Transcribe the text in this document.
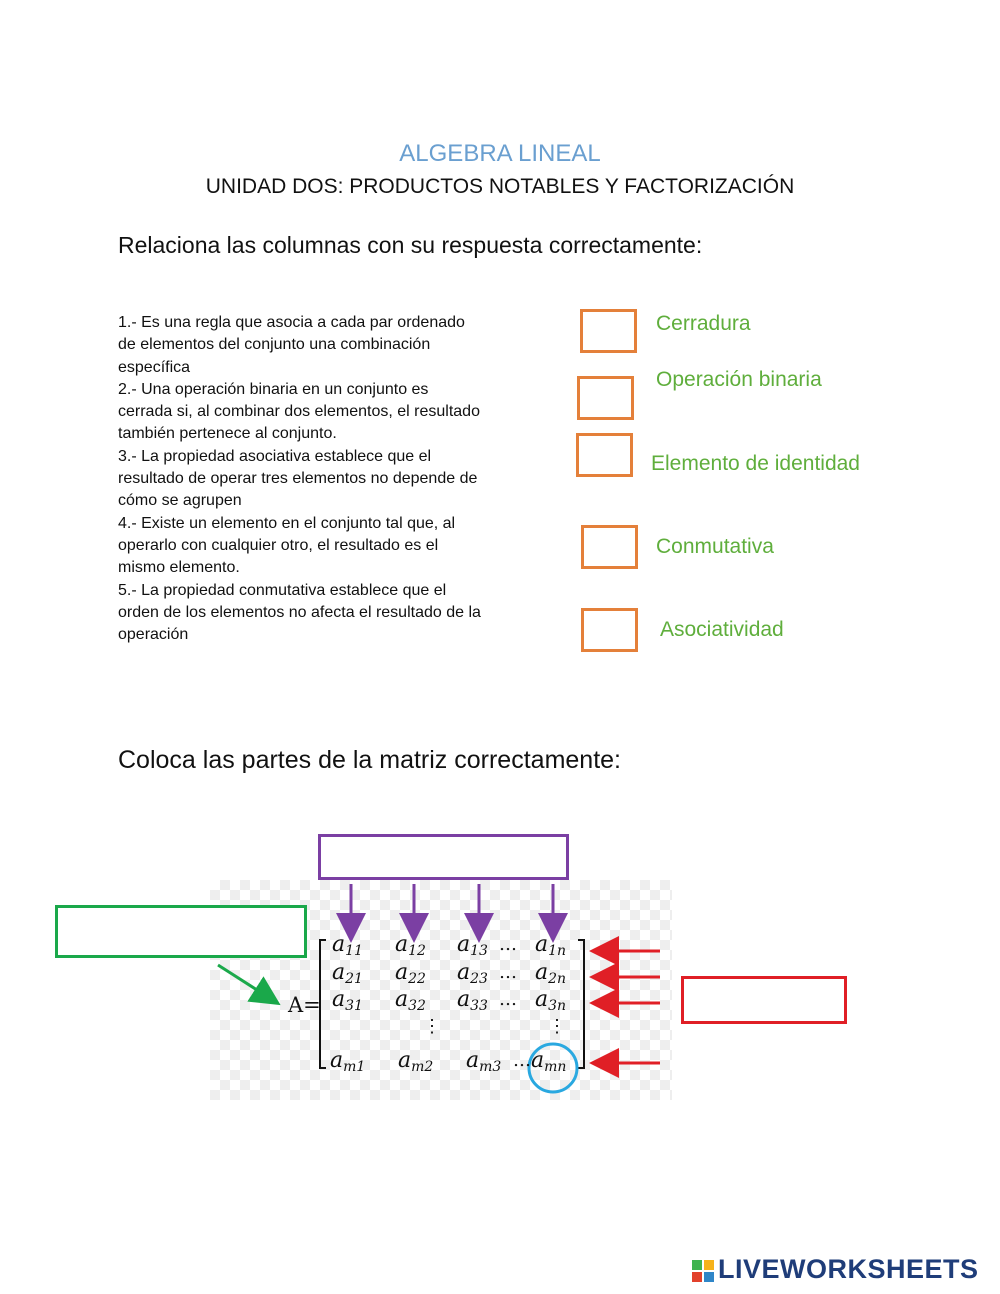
ALGEBRA LINEAL
UNIDAD DOS: PRODUCTOS NOTABLES Y FACTORIZACIÓN
Relaciona las columnas con su respuesta correctamente:
1.- Es una regla que asocia a cada par ordenado de elementos del conjunto una combinación específica
2.- Una operación binaria en un conjunto es cerrada si, al combinar dos elementos, el resultado también pertenece al conjunto.
3.- La propiedad asociativa establece que el resultado de operar tres elementos no depende de cómo se agrupen
4.- Existe un elemento en el conjunto tal que, al operarlo con cualquier otro, el resultado es el mismo elemento.
5.- La propiedad conmutativa establece que el orden de los elementos no afecta el resultado de la operación
Cerradura
Operación binaria
Elemento de identidad
Conmutativa
Asociatividad
Coloca las partes de la matriz correctamente:
A=
$a_{11}$ $a_{12}$ $a_{13}$ … $a_{1n}$
$a_{21}$ $a_{22}$ $a_{23}$ … $a_{2n}$
$a_{31}$ $a_{32}$ $a_{33}$ … $a_{3n}$
⋮	⋮
$a_{m1}$ $a_{m2}$ $a_{m3}$ … $a_{mn}$
LIVEWORKSHEETS
